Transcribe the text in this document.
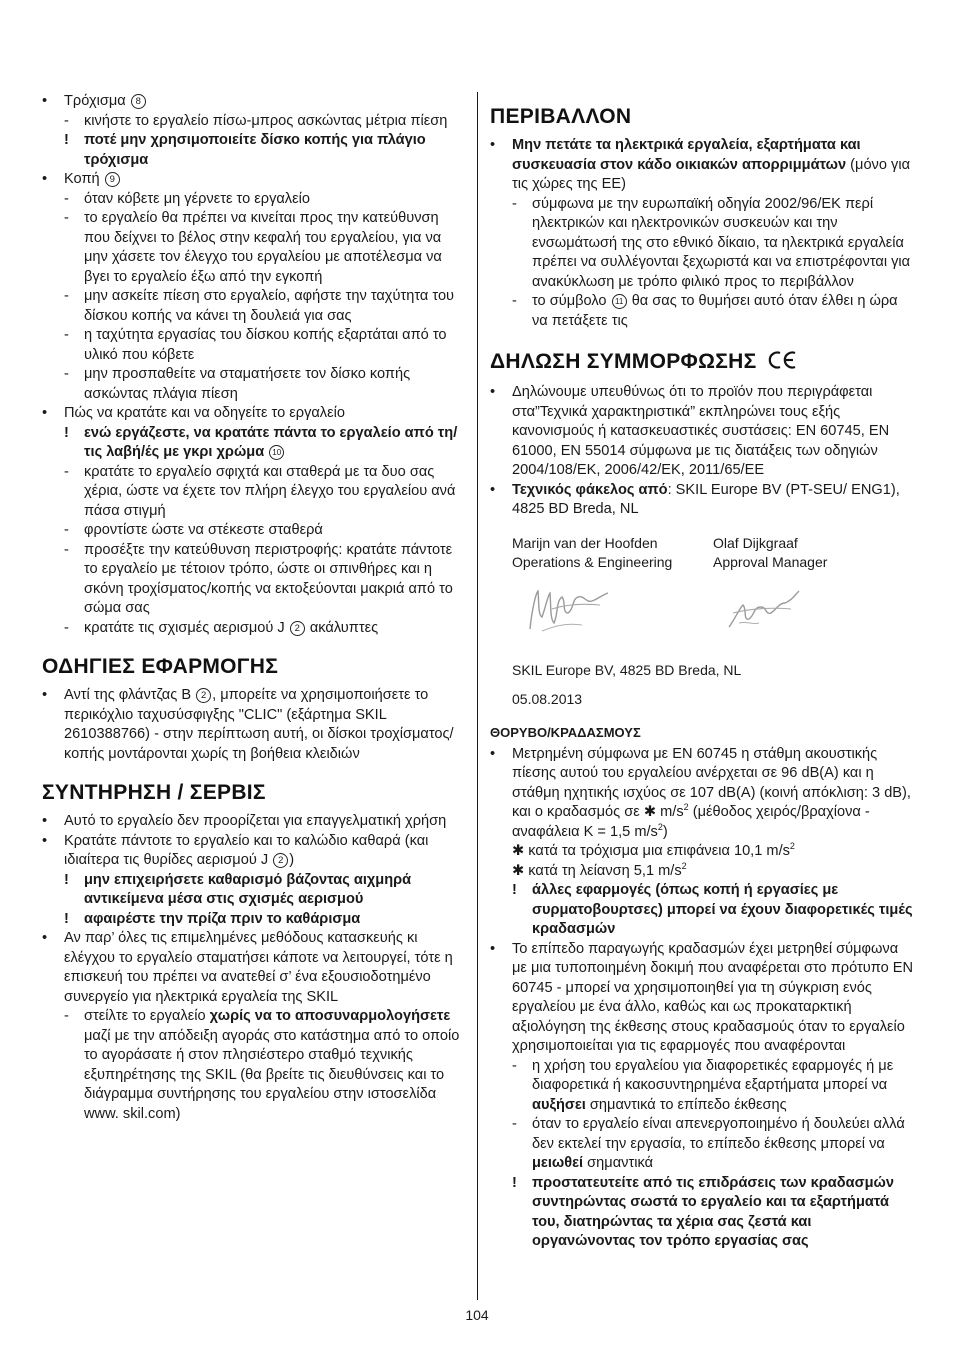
• Τρόχισμα 8

- κινήστε το εργαλείο πίσω-μπρος ασκώντας μέτρια πίεση

! ποτέ μην χρησιμοποιείτε δίσκο κοπής για πλάγιο τρόχισμα

• Κοπή 9

- όταν κόβετε μη γέρνετε το εργαλείο

- το εργαλείο θα πρέπει να κινείται προς την κατεύθυνση που δείχνει το βέλος στην κεφαλή του εργαλείου, για να μην χάσετε τον έλεγχο του εργαλείου με αποτέλεσμα να βγει το εργαλείο έξω από την εγκοπή

- μην ασκείτε πίεση στο εργαλείο, αφήστε την ταχύτητα του δίσκου κοπής να κάνει τη δουλειά για σας

- η ταχύτητα εργασίας του δίσκου κοπής εξαρτάται από το υλικό που κόβετε

- μην προσπαθείτε να σταματήσετε τον δίσκο κοπής ασκώντας πλάγια πίεση

• Πώς να κρατάτε και να οδηγείτε το εργαλείο

! ενώ εργάζεστε, να κρατάτε πάντα το εργαλείο από τη/τις λαβή/ές με γκρι χρώμα 10

- κρατάτε το εργαλείο σφιχτά και σταθερά με τα δυο σας χέρια, ώστε να έχετε τον πλήρη έλεγχο του εργαλείου ανά πάσα στιγμή

- φροντίστε ώστε να στέκεστε σταθερά

- προσέξτε την κατεύθυνση περιστροφής: κρατάτε πάντοτε το εργαλείο με τέτοιον τρόπο, ώστε οι σπινθήρες και η σκόνη τροχίσματος/κοπής να εκτοξεύονται μακριά από το σώμα σας

- κρατάτε τις σχισμές αερισμού J 2 ακάλυπτες

ΟΔΗΓΙΕΣ ΕΦΑΡΜΟΓΗΣ

• Αντί της φλάντζας B 2 , μπορείτε να χρησιμοποιήσετε το περικόχλιο ταχυσύσφιγξης "CLIC" (εξάρτημα SKIL 2610388766) - στην περίπτωση αυτή, οι δίσκοι τροχίσματος/κοπής μοντάρονται χωρίς τη βοήθεια κλειδιών

ΣΥΝΤΗΡΗΣΗ / ΣΕΡΒΙΣ

• Αυτό το εργαλείο δεν προορίζεται για επαγγελματική χρήση

• Κρατάτε πάντοτε το εργαλείο και το καλώδιο καθαρά (και ιδιαίτερα τις θυρίδες αερισμού J 2 )

! μην επιχειρήσετε καθαρισμό βάζοντας αιχμηρά αντικείμενα μέσα στις σχισμές αερισμού

! αφαιρέστε την πρίζα πριν το καθάρισμα

• Αν παρ’ όλες τις επιμελημένες μεθόδους κατασκευής κι ελέγχου το εργαλείο σταματήσει κάποτε να λειτουργεί, τότε η επισκευή του πρέπει να ανατεθεί σ’ ένα εξουσιοδοτημένο συνεργείο για ηλεκτρικά εργαλεία της SKIL

- στείλτε το εργαλείο χωρίς να το αποσυναρμολογήσετε μαζί με την απόδειξη αγοράς στο κατάστημα από το οποίο το αγοράσατε ή στον πλησιέστερο σταθμό τεχνικής εξυπηρέτησης της SKIL (θα βρείτε τις διευθύνσεις και το διάγραμμα συντήρησης του εργαλείου στην ιστοσελίδα www. skil.com)

ΠΕΡΙΒΑΛΛΟΝ

• Μην πετάτε τα ηλεκτρικά εργαλεία, εξαρτήματα και συσκευασία στον κάδο οικιακών απορριμμάτων (μόνο για τις χώρες της ΕΕ)

- σύμφωνα με την ευρωπαϊκή οδηγία 2002/96/ΕΚ περί ηλεκτρικών και ηλεκτρονικών συσκευών και την ενσωμάτωσή της στο εθνικό δίκαιο, τα ηλεκτρικά εργαλεία πρέπει να συλλέγονται ξεχωριστά και να επιστρέφονται για ανακύκλωση με τρόπο φιλικό προς το περιβάλλον

- το σύμβολο 11 θα σας το θυμήσει αυτό όταν έλθει η ώρα να πετάξετε τις

ΔΗΛΩΣΗ ΣΥΜΜΟΡΦΩΣΗΣ

• Δηλώνουμε υπευθύνως ότι το προϊόν που περιγράφεται στα”Τεχνικά χαρακτηριστικά” εκπληρώνει τους εξής κανονισμούς ή κατασκευαστικές συστάσεις: EN 60745, EN 61000, EN 55014 σύμφωνα με τις διατάξεις των οδηγιών 2004/108/EK, 2006/42/EK, 2011/65/EE

• Τεχνικός φάκελος από: SKIL Europe BV (PT-SEU/ ENG1), 4825 BD Breda, NL

Marijn van der Hoofden
Operations & Engineering
Olaf Dijkgraaf
Approval Manager
SKIL Europe BV, 4825 BD Breda, NL
05.08.2013
ΘΟΡΥΒΟ/ΚΡΑΔΑΣΜΟΥΣ

• Μετρημένη σύμφωνα με EN 60745 η στάθμη ακουστικής πίεσης αυτού του εργαλείου ανέρχεται σε 96 dB(A) και η στάθμη ηχητικής ισχύος σε 107 dB(A) (κοινή απόκλιση: 3 dB), και ο κραδασμός σε ✱ $m/s^2$ (μέθοδος χειρός/βραχίονα - αναφάλεια K = 1,5 $m/s^2$)
✱ κατά τα τρόχισμα μια επιφάνεια 10,1 $m/s^2$
✱ κατά τη λείανση 5,1 $m/s^2$

! άλλες εφαρμογές (όπως κοπή ή εργασίες με συρματοβουρτσες) μπορεί να έχουν διαφορετικές τιμές κραδασμών

• Το επίπεδο παραγωγής κραδασμών έχει μετρηθεί σύμφωνα με μια τυποποιημένη δοκιμή που αναφέρεται στο πρότυπο EN 60745 - μπορεί να χρησιμοποιηθεί για τη σύγκριση ενός εργαλείου με ένα άλλο, καθώς και ως προκαταρκτική αξιολόγηση της έκθεσης στους κραδασμούς όταν το εργαλείο χρησιμοποιείται για τις εφαρμογές που αναφέρονται

- η χρήση του εργαλείου για διαφορετικές εφαρμογές ή με διαφορετικά ή κακοσυντηρημένα εξαρτήματα μπορεί να αυξήσει σημαντικά το επίπεδο έκθεσης

- όταν το εργαλείο είναι απενεργοποιημένο ή δουλεύει αλλά δεν εκτελεί την εργασία, το επίπεδο έκθεσης μπορεί να μειωθεί σημαντικά

! προστατευτείτε από τις επιδράσεις των κραδασμών συντηρώντας σωστά το εργαλείο και τα εξαρτήματά του, διατηρώντας τα χέρια σας ζεστά και οργανώνοντας τον τρόπο εργασίας σας

104
